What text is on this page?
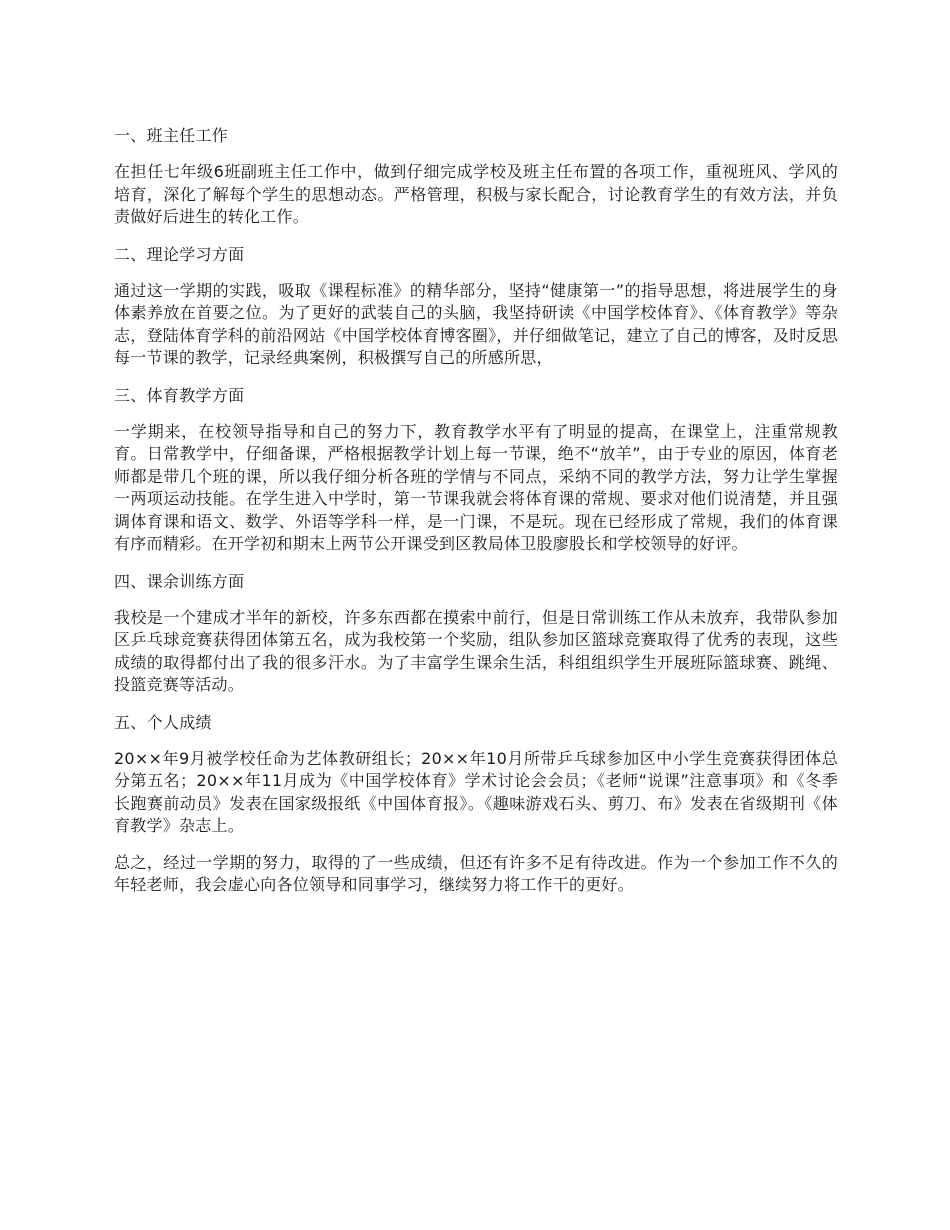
一、班主任工作

在担任七年级6班副班主任工作中，做到仔细完成学校及班主任布置的各项工作，重视班风、学风的培育，深化了解每个学生的思想动态。严格管理，积极与家长配合，讨论教育学生的有效方法，并负责做好后进生的转化工作。

二、理论学习方面

通过这一学期的实践，吸取《课程标准》的精华部分，坚持“健康第一”的指导思想，将进展学生的身体素养放在首要之位。为了更好的武装自己的头脑，我坚持研读《中国学校体育》、《体育教学》等杂志，登陆体育学科的前沿网站《中国学校体育博客圈》，并仔细做笔记，建立了自己的博客，及时反思每一节课的教学，记录经典案例，积极撰写自己的所感所思，

三、体育教学方面

一学期来，在校领导指导和自己的努力下，教育教学水平有了明显的提高，在课堂上，注重常规教育。日常教学中，仔细备课，严格根据教学计划上每一节课，绝不“放羊”，由于专业的原因，体育老师都是带几个班的课，所以我仔细分析各班的学情与不同点，采纳不同的教学方法，努力让学生掌握一两项运动技能。在学生进入中学时，第一节课我就会将体育课的常规、要求对他们说清楚，并且强调体育课和语文、数学、外语等学科一样，是一门课，不是玩。现在已经形成了常规，我们的体育课有序而精彩。在开学初和期末上两节公开课受到区教局体卫股廖股长和学校领导的好评。

四、课余训练方面

我校是一个建成才半年的新校，许多东西都在摸索中前行，但是日常训练工作从未放弃，我带队参加区乒乓球竞赛获得团体第五名，成为我校第一个奖励，组队参加区篮球竞赛取得了优秀的表现，这些成绩的取得都付出了我的很多汗水。为了丰富学生课余生活，科组组织学生开展班际篮球赛、跳绳、投篮竞赛等活动。

五、个人成绩

20××年9月被学校任命为艺体教研组长；20××年10月所带乒乓球参加区中小学生竞赛获得团体总分第五名；20××年11月成为《中国学校体育》学术讨论会会员；《老师“说课”注意事项》和《冬季长跑赛前动员》发表在国家级报纸《中国体育报》。《趣味游戏石头、剪刀、布》发表在省级期刊《体育教学》杂志上。

总之，经过一学期的努力，取得的了一些成绩，但还有许多不足有待改进。作为一个参加工作不久的年轻老师，我会虚心向各位领导和同事学习，继续努力将工作干的更好。
